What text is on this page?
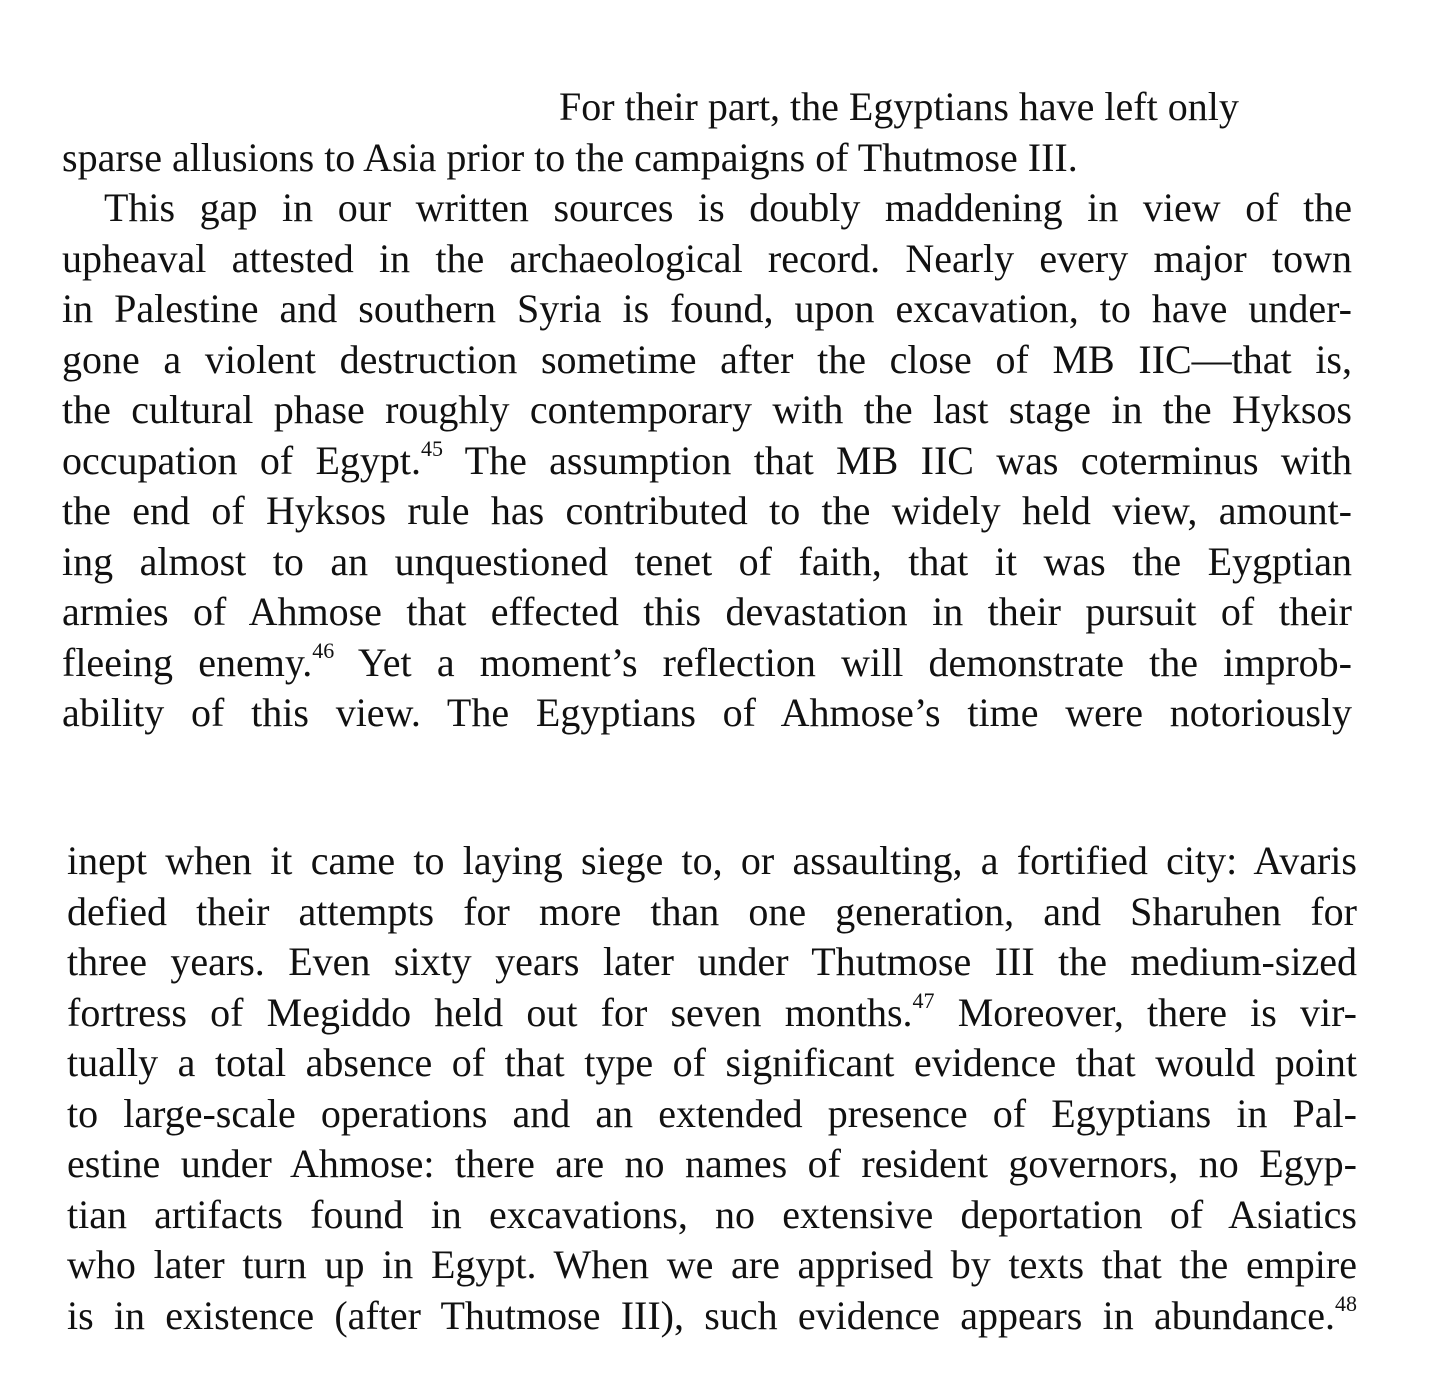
For their part, the Egyptians have left only
sparse allusions to Asia prior to the campaigns of Thutmose III.
This gap in our written sources is doubly maddening in view of the
upheaval attested in the archaeological record. Nearly every major town
in Palestine and southern Syria is found, upon excavation, to have under-
gone a violent destruction sometime after the close of MB IIC—that is,
the cultural phase roughly contemporary with the last stage in the Hyksos
occupation of Egypt.$^{45}$ The assumption that MB IIC was coterminus with
the end of Hyksos rule has contributed to the widely held view, amount-
ing almost to an unquestioned tenet of faith, that it was the Eygptian
armies of Ahmose that effected this devastation in their pursuit of their
fleeing enemy.$^{46}$ Yet a moment’s reflection will demonstrate the improb-
ability of this view. The Egyptians of Ahmose’s time were notoriously
inept when it came to laying siege to, or assaulting, a fortified city: Avaris
defied their attempts for more than one generation, and Sharuhen for
three years. Even sixty years later under Thutmose III the medium-sized
fortress of Megiddo held out for seven months.$^{47}$ Moreover, there is vir-
tually a total absence of that type of significant evidence that would point
to large-scale operations and an extended presence of Egyptians in Pal-
estine under Ahmose: there are no names of resident governors, no Egyp-
tian artifacts found in excavations, no extensive deportation of Asiatics
who later turn up in Egypt. When we are apprised by texts that the empire
is in existence (after Thutmose III), such evidence appears in abundance.$^{48}$
